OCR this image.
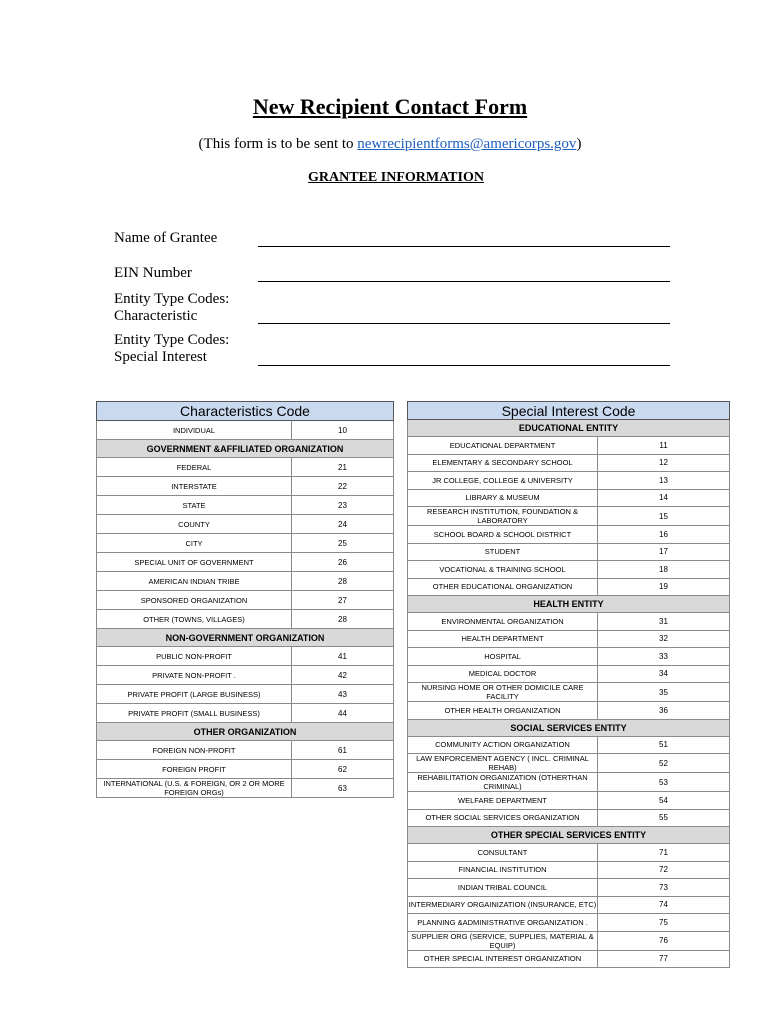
New Recipient Contact Form
(This form is to be sent to newrecipientforms@americorps.gov)
GRANTEE INFORMATION
Name of Grantee
EIN Number
Entity Type Codes:
Characteristic
Entity Type Codes:
Special Interest
Characteristics Code	
INDIVIDUAL	10
GOVERNMENT &AFFILIATED ORGANIZATION	
FEDERAL	21
INTERSTATE	22
STATE	23
COUNTY	24
CITY	25
SPECIAL UNIT OF GOVERNMENT	26
AMERICAN INDIAN TRIBE	28
SPONSORED ORGANIZATION	27
OTHER (TOWNS, VILLAGES)	28
NON-GOVERNMENT ORGANIZATION	
PUBLIC NON-PROFIT	41
PRIVATE NON-PROFIT .	42
PRIVATE PROFIT (LARGE BUSINESS)	43
PRIVATE PROFIT (SMALL BUSINESS)	44
OTHER ORGANIZATION	
FOREIGN NON-PROFIT	61
FOREIGN PROFIT	62
INTERNATIONAL (U.S. & FOREIGN, OR 2 OR MORE FOREIGN ORGs)	63
Special Interest Code	
EDUCATIONAL ENTITY	
EDUCATIONAL DEPARTMENT	11
ELEMENTARY & SECONDARY SCHOOL	12
JR COLLEGE, COLLEGE & UNIVERSITY	13
LIBRARY & MUSEUM	14
RESEARCH INSTITUTION, FOUNDATION & LABORATORY	15
SCHOOL BOARD & SCHOOL DISTRICT	16
STUDENT	17
VOCATIONAL & TRAINING SCHOOL	18
OTHER EDUCATIONAL ORGANIZATION	19
HEALTH ENTITY	
ENVIRONMENTAL ORGANIZATION	31
HEALTH DEPARTMENT	32
HOSPITAL	33
MEDICAL DOCTOR	34
NURSING HOME OR OTHER DOMICILE CARE FACILITY	35
OTHER HEALTH ORGANIZATION	36
SOCIAL SERVICES ENTITY	
COMMUNITY ACTION ORGANIZATION	51
LAW ENFORCEMENT AGENCY ( INCL. CRIMINAL REHAB)	52
REHABILITATION ORGANIZATION (OTHERTHAN CRIMINAL)	53
WELFARE DEPARTMENT	54
OTHER SOCIAL SERVICES ORGANIZATION	55
OTHER SPECIAL SERVICES ENTITY	
CONSULTANT	71
FINANCIAL INSTITUTION	72
INDIAN TRIBAL COUNCIL	73
INTERMEDIARY ORGAINIZATION (INSURANCE, ETC)	74
PLANNING &ADMINISTRATIVE ORGANIZATION .	75
SUPPLIER ORG (SERVICE, SUPPLIES, MATERIAL & EQUIP)	76
OTHER SPECIAL INTEREST ORGANIZATION	77
